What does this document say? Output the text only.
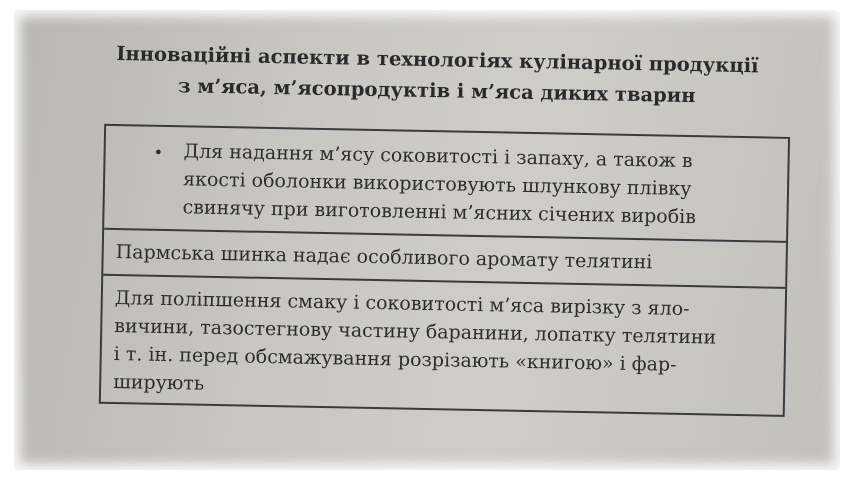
Інноваційні аспекти в технологіях кулінарної продукції
з м’яса, м’ясопродуктів і м’яса диких тварин
• Для надання м’ясу соковитості і запаху, а також в
якості оболонки використовують шлункову плівку
свинячу при виготовленні м’ясних січених виробів
Пармська шинка надає особливого аромату телятині
Для поліпшення смаку і соковитості м’яса вирізку з яло-
вичини, тазостегнову частину баранини, лопатку телятини
і т. ін. перед обсмажування розрізають «книгою» і фар-
ширують
